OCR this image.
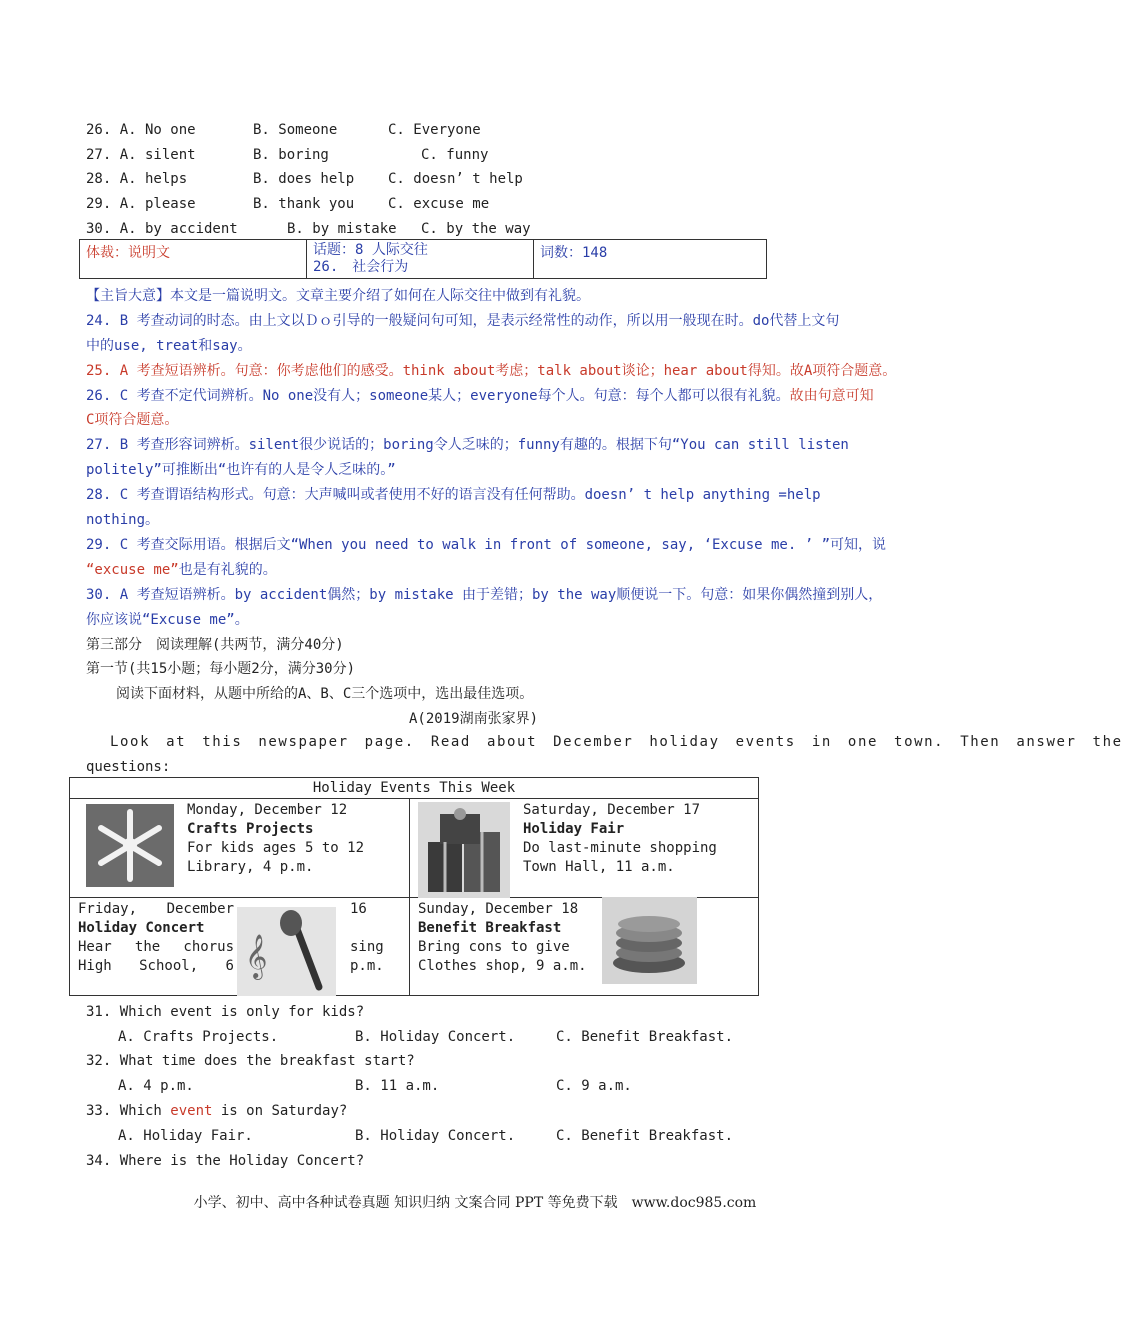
26. A. No one	B. Someone	C. Everyone
27. A. silent	B. boring	C. funny
28. A. helps	B. does help C. doesn’ t help
29. A. please	B. thank you C. excuse me
30. A. by accident	B. by mistake C. by the way
体裁：说明文	话题：8 人际交往
26.　社会行为
词数：148
【主旨大意】本文是一篇说明文。文章主要介绍了如何在人际交往中做到有礼貌。
24. B 考查动词的时态。由上文以Ｄｏ引导的一般疑问句可知，是表示经常性的动作，所以用一般现在时。do代替上文句
中的use, treat和say。
25. A 考查短语辨析。句意：你考虑他们的感受。think about考虑；talk about谈论；hear about得知。故A项符合题意。
26. C 考查不定代词辨析。No one没有人；someone某人；everyone每个人。句意：每个人都可以很有礼貌。故由句意可知
C项符合题意。
27. B 考查形容词辨析。silent很少说话的；boring令人乏味的；funny有趣的。根据下句“You can still listen
politely”可推断出“也许有的人是令人乏味的。”
28. C 考查谓语结构形式。句意：大声喊叫或者使用不好的语言没有任何帮助。doesn’ t help anything =help
nothing。
29. C 考查交际用语。根据后文“When you need to walk in front of someone, say, ‘Excuse me. ’ ”可知，说
“excuse me”也是有礼貌的。
30. A 考查短语辨析。by accident偶然；by mistake 由于差错；by the way顺便说一下。句意：如果你偶然撞到别人，
你应该说“Excuse me”。
第三部分　阅读理解(共两节，满分40分)
第一节(共15小题；每小题2分，满分30分)
阅读下面材料，从题中所给的A、B、C三个选项中，选出最佳选项。
A(2019湖南张家界)
Look at this newspaper page. Read about December holiday events in one town. Then answer the
questions:
Holiday Events This Week
Monday, December 12
Crafts Projects
For kids ages 5 to 12
Library, 4 p.m.
Saturday, December 17
Holiday Fair
Do last-minute shopping
Town Hall, 11 a.m.
Friday, December
Holiday Concert
Hear the chorus
High School, 6 𝄞
16

sing
p.m.
Sunday, December 18
Benefit Breakfast
Bring cons to give
Clothes shop, 9 a.m.
31. Which event is only for kids?
A. Crafts Projects.	B. Holiday Concert.	C. Benefit Breakfast.
32. What time does the breakfast start?
A. 4 p.m.	B. 11 a.m.	C. 9 a.m.
33. Which event is on Saturday?
A. Holiday Fair.	B. Holiday Concert.	C. Benefit Breakfast.
34. Where is the Holiday Concert?
小学、初中、高中各种试卷真题 知识归纳 文案合同 PPT 等免费下载　www.doc985.com
